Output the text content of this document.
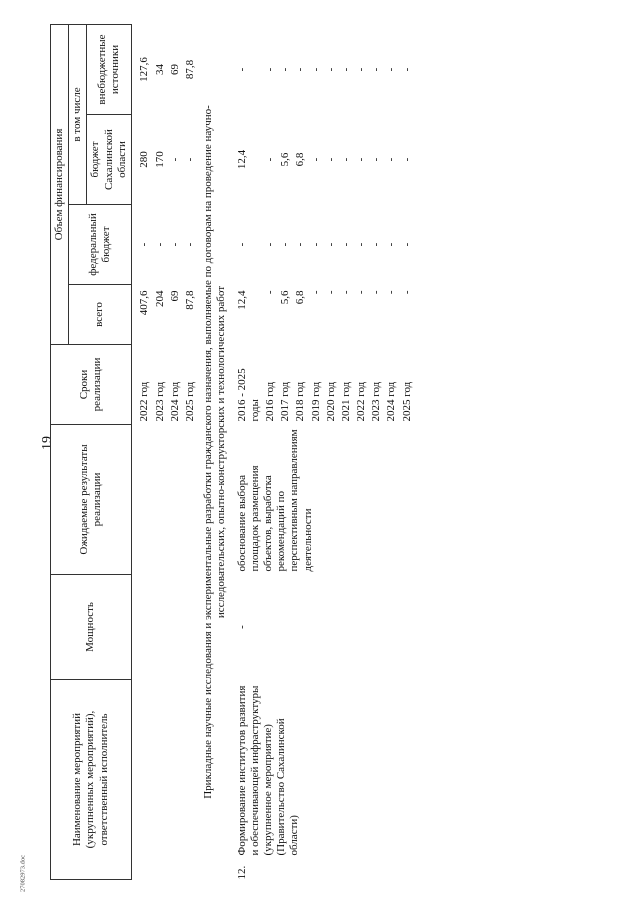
19
27082973.doc
Наименование мероприятий (укрупненных мероприятий), ответственный исполнитель	Мощность	Ожидаемые результаты реализации	Сроки реализации	Объем финансирования			
				всего	федеральный бюджет	в том числе	
						бюджет Сахалинской области	внебюджетные источники

			2022 год	407,6	-	280	127,6
			2023 год	204	-	170	34
			2024 год	69	-	-	69
			2025 год	87,8	-	-	87,8
Прикладные научные исследования и экспериментальные разработки гражданского назначения, выполняемые по договорам на проведение научно-исследовательских, опытно-конструкторских и технологических работ							

12.
Формирование институтов развития и обеспечивающей инфраструктуры (укрупненное мероприятие) (Правительство Сахалинской области)	-	обоснование выбора площадок размещения объектов, выработка рекомендаций по перспективным направлениям деятельности	2016 - 2025 годы	12,4	-	12,4	-
			2016 год	-	-	-	-
			2017 год	5,6	-	5,6	-
			2018 год	6,8	-	6,8	-
			2019 год	-	-	-	-
			2020 год	-	-	-	-
			2021 год	-	-	-	-
			2022 год	-	-	-	-
			2023 год	-	-	-	-
			2024 год	-	-	-	-
			2025 год	-	-	-	-
